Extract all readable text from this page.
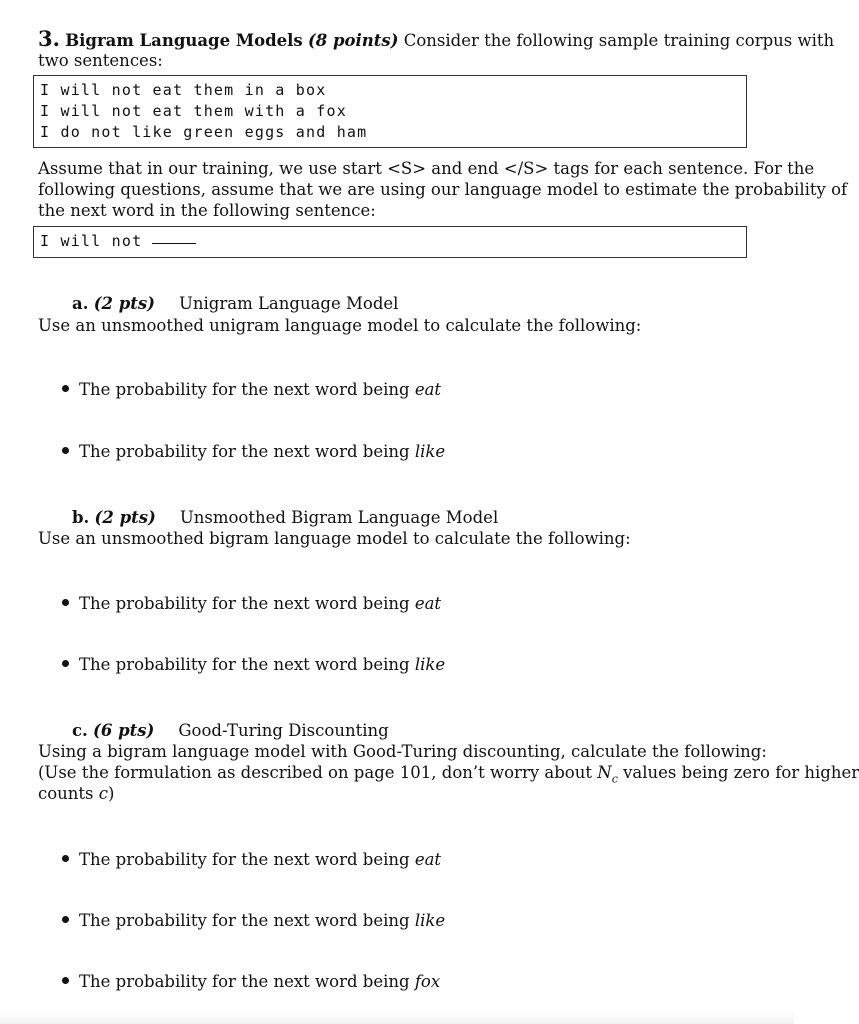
3. Bigram Language Models (8 points) Consider the following sample training corpus with
two sentences:
I will not eat them in a box
I will not eat them with a fox
I do not like green eggs and ham
Assume that in our training, we use start <S> and end </S> tags for each sentence. For the
following questions, assume that we are using our language model to estimate the probability of
the next word in the following sentence:
I will not
a. (2 pts) Unigram Language Model
Use an unsmoothed unigram language model to calculate the following:
The probability for the next word being eat
The probability for the next word being like
b. (2 pts) Unsmoothed Bigram Language Model
Use an unsmoothed bigram language model to calculate the following:
The probability for the next word being eat
The probability for the next word being like
c. (6 pts) Good-Turing Discounting
Using a bigram language model with Good-Turing discounting, calculate the following:
(Use the formulation as described on page 101, don’t worry about $N_c$ values being zero for higher
counts c)
The probability for the next word being eat
The probability for the next word being like
The probability for the next word being fox
